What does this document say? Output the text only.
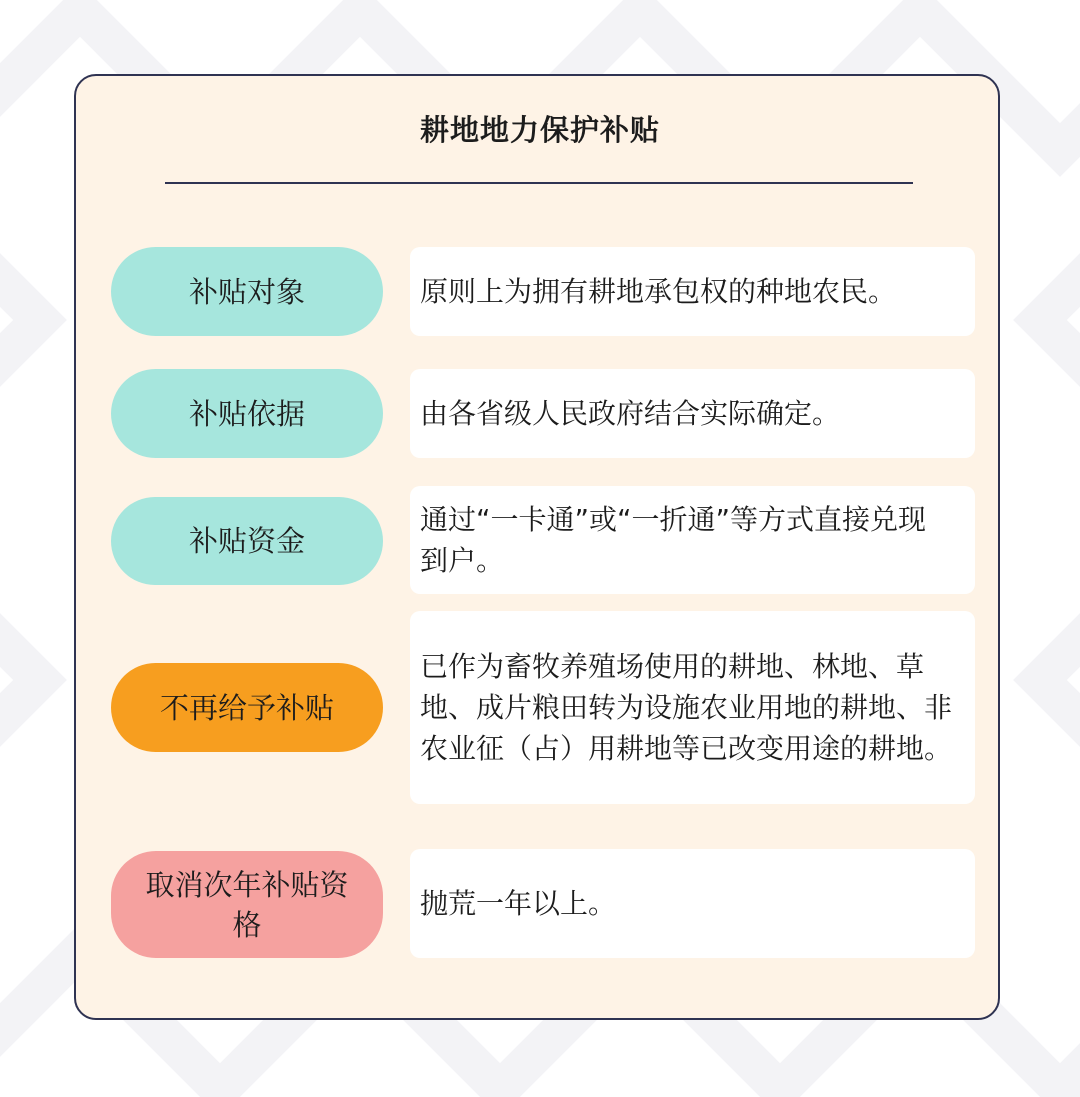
耕地地力保护补贴
补贴对象	原则上为拥有耕地承包权的种地农民。
补贴依据	由各省级人民政府结合实际确定。
补贴资金
通过“一卡通”或“一折通”等方式直接兑现到户。
不再给予补贴
已作为畜牧养殖场使用的耕地、林地、草地、成片粮田转为设施农业用地的耕地、非农业征（占）用耕地等已改变用途的耕地。
取消次年补贴资格
抛荒一年以上。
